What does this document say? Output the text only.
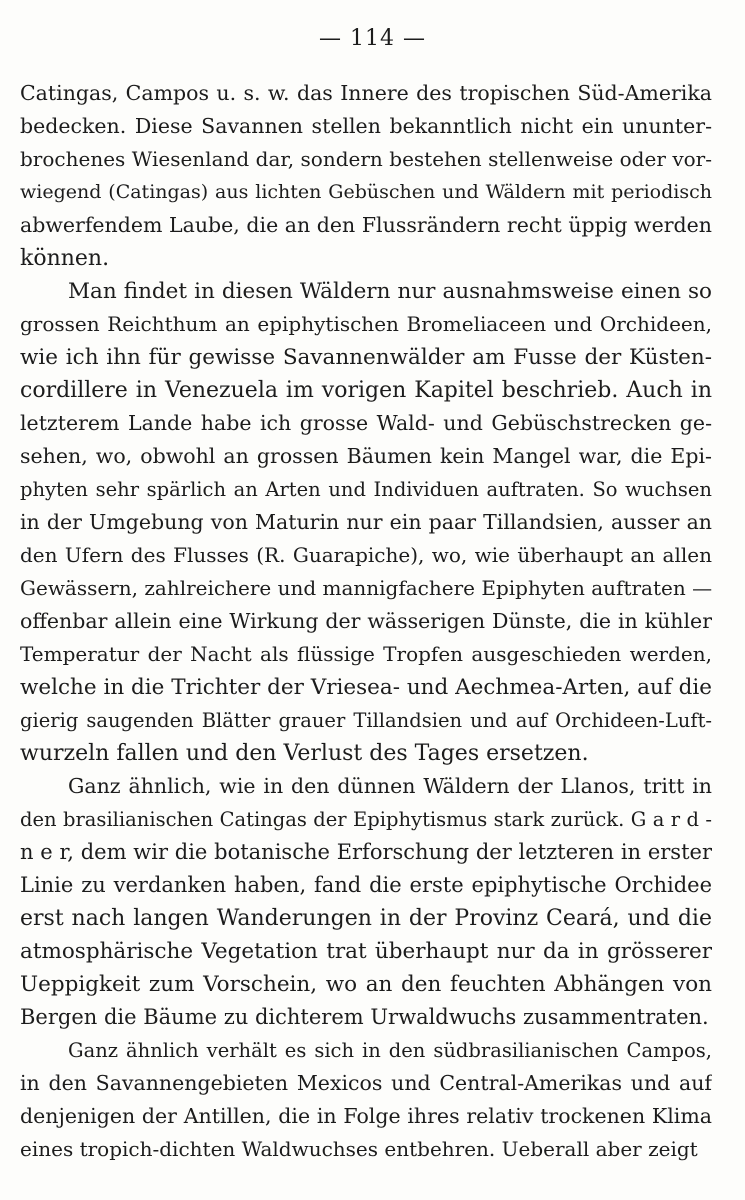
— 114 —
Catingas, Campos u. s. w. das Innere des tropischen Süd-Amerika
bedecken. Diese Savannen stellen bekanntlich nicht ein ununter-
brochenes Wiesenland dar, sondern bestehen stellenweise oder vor-
wiegend (Catingas) aus lichten Gebüschen und Wäldern mit periodisch
abwerfendem Laube, die an den Flussrändern recht üppig werden
können.
Man findet in diesen Wäldern nur ausnahmsweise einen so
grossen Reichthum an epiphytischen Bromeliaceen und Orchideen,
wie ich ihn für gewisse Savannenwälder am Fusse der Küsten-
cordillere in Venezuela im vorigen Kapitel beschrieb. Auch in
letzterem Lande habe ich grosse Wald- und Gebüschstrecken ge-
sehen, wo, obwohl an grossen Bäumen kein Mangel war, die Epi-
phyten sehr spärlich an Arten und Individuen auftraten. So wuchsen
in der Umgebung von Maturin nur ein paar Tillandsien, ausser an
den Ufern des Flusses (R. Guarapiche), wo, wie überhaupt an allen
Gewässern, zahlreichere und mannigfachere Epiphyten auftraten —
offenbar allein eine Wirkung der wässerigen Dünste, die in kühler
Temperatur der Nacht als flüssige Tropfen ausgeschieden werden,
welche in die Trichter der Vriesea- und Aechmea-Arten, auf die
gierig saugenden Blätter grauer Tillandsien und auf Orchideen-Luft-
wurzeln fallen und den Verlust des Tages ersetzen.
Ganz ähnlich, wie in den dünnen Wäldern der Llanos, tritt in
den brasilianischen Catingas der Epiphytismus stark zurück. G a r d -
n e r, dem wir die botanische Erforschung der letzteren in erster
Linie zu verdanken haben, fand die erste epiphytische Orchidee
erst nach langen Wanderungen in der Provinz Ceará, und die
atmosphärische Vegetation trat überhaupt nur da in grösserer
Ueppigkeit zum Vorschein, wo an den feuchten Abhängen von
Bergen die Bäume zu dichterem Urwaldwuchs zusammentraten.
Ganz ähnlich verhält es sich in den südbrasilianischen Campos,
in den Savannengebieten Mexicos und Central-Amerikas und auf
denjenigen der Antillen, die in Folge ihres relativ trockenen Klima
eines tropich-dichten Waldwuchses entbehren. Ueberall aber zeigt
